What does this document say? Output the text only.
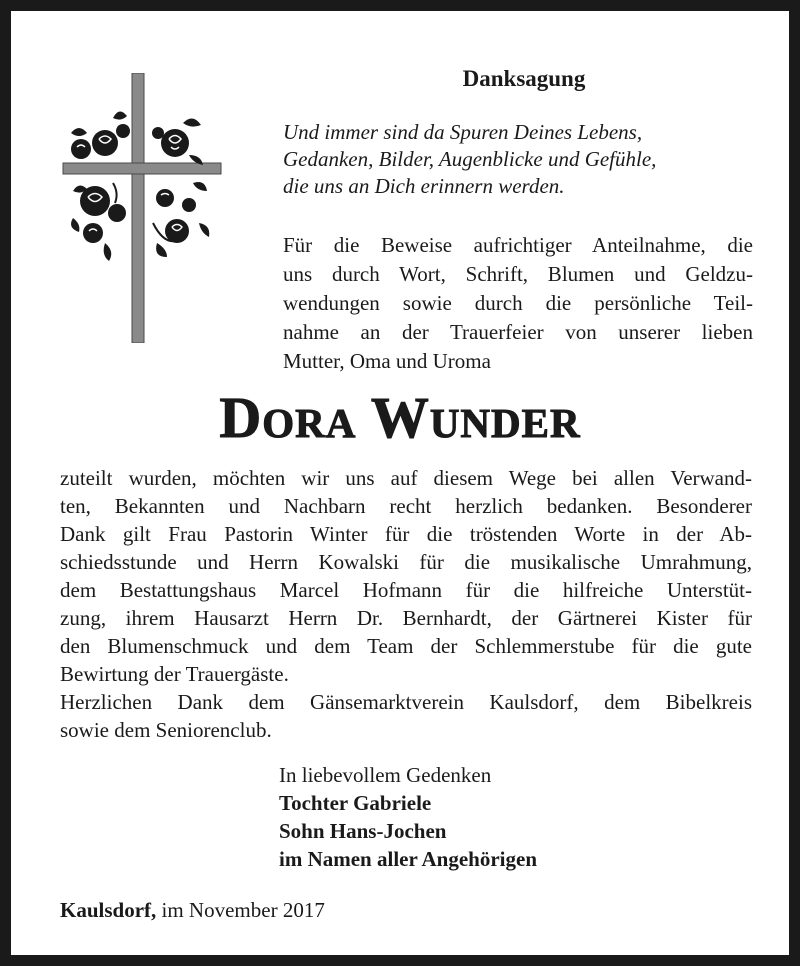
Danksagung
Und immer sind da Spuren Deines Lebens,
Gedanken, Bilder, Augenblicke und Gefühle,
die uns an Dich erinnern werden.
Für die Beweise aufrichtiger Anteilnahme, die
uns durch Wort, Schrift, Blumen und Geldzu-
wendungen sowie durch die persönliche Teil-
nahme an der Trauerfeier von unserer lieben
Mutter, Oma und Uroma
Dora Wunder
zuteilt wurden, möchten wir uns auf diesem Wege bei allen Verwand-
ten, Bekannten und Nachbarn recht herzlich bedanken. Besonderer
Dank gilt Frau Pastorin Winter für die tröstenden Worte in der Ab-
schiedsstunde und Herrn Kowalski für die musikalische Umrahmung,
dem Bestattungshaus Marcel Hofmann für die hilfreiche Unterstüt-
zung, ihrem Hausarzt Herrn Dr. Bernhardt, der Gärtnerei Kister für
den Blumenschmuck und dem Team der Schlemmerstube für die gute
Bewirtung der Trauergäste.
Herzlichen Dank dem Gänsemarktverein Kaulsdorf, dem Bibelkreis
sowie dem Seniorenclub.
In liebevollem Gedenken
Tochter Gabriele
Sohn Hans-Jochen
im Namen aller Angehörigen
Kaulsdorf, im November 2017
